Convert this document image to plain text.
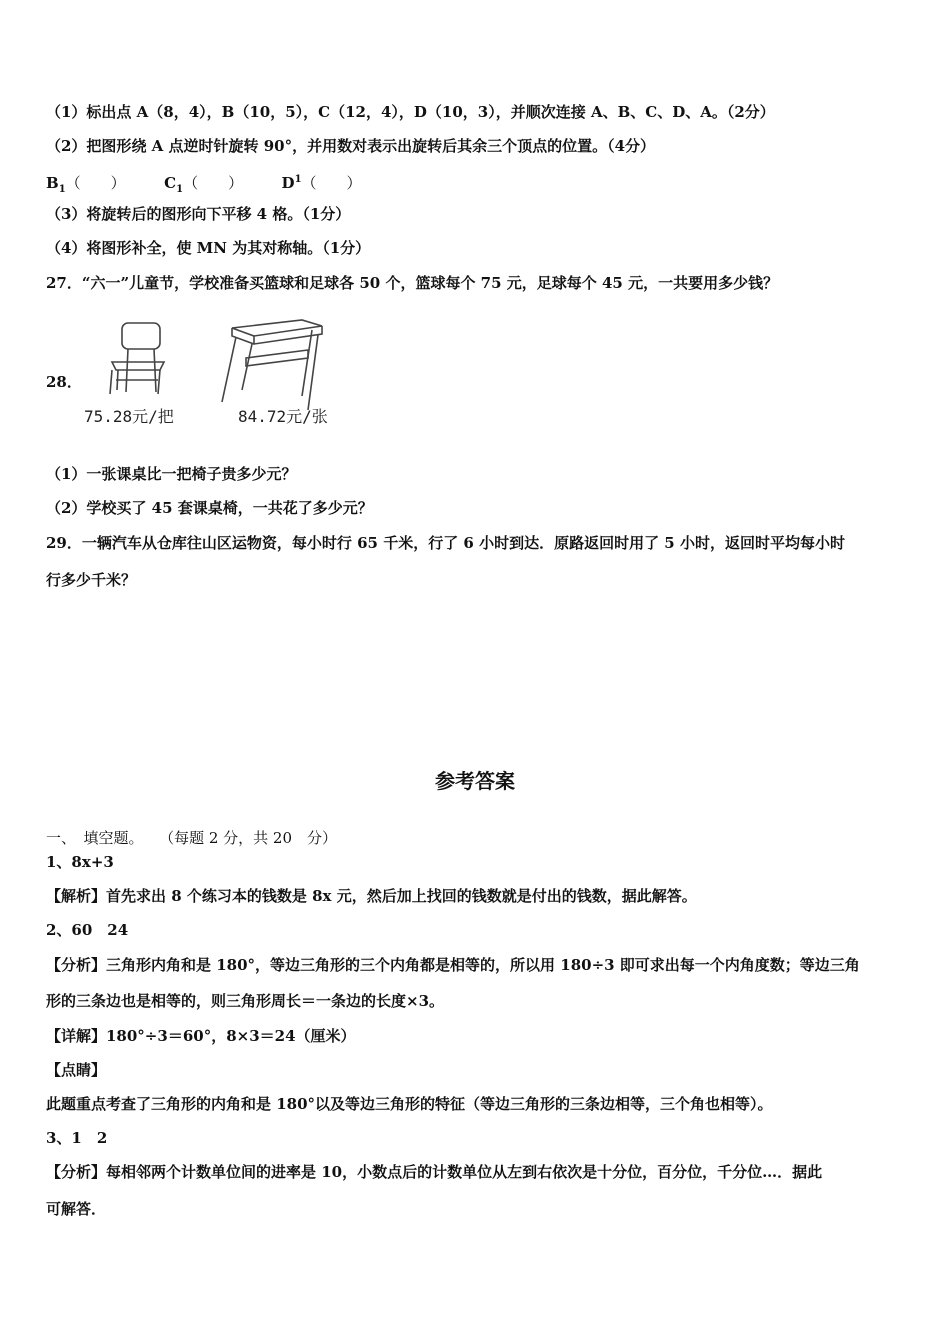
（1）标出点 A（8，4），B（10，5），C（12，4），D（10，3），并顺次连接 A、B、C、D、A。（2分）
（2）把图形绕 A 点逆时针旋转 90°，并用数对表示出旋转后其余三个顶点的位置。（4分）
$B_1$（　　）	$C_1$（　　）	$D^1$（　　）
（3）将旋转后的图形向下平移 4 格。（1分）
（4）将图形补全，使 MN 为其对称轴。（1分）
27．“六一”儿童节，学校准备买篮球和足球各 50 个，篮球每个 75 元，足球每个 45 元，一共要用多少钱？
28．
75.28元/把	84.72元/张
（1）一张课桌比一把椅子贵多少元？
（2）学校买了 45 套课桌椅，一共花了多少元？
29．一辆汽车从仓库往山区运物资，每小时行 65 千米，行了 6 小时到达．原路返回时用了 5 小时，返回时平均每小时
行多少千米？
参考答案
一、　填空题。 （每题 2 分，共 20　分）
1、8x+3
【解析】首先求出 8 个练习本的钱数是 8x 元，然后加上找回的钱数就是付出的钱数，据此解答。
2、60　24
【分析】三角形内角和是 180°，等边三角形的三个内角都是相等的，所以用 180÷3 即可求出每一个内角度数；等边三角
形的三条边也是相等的，则三角形周长＝一条边的长度×3。
【详解】180°÷3＝60°，8×3＝24（厘米）
【点睛】
此题重点考查了三角形的内角和是 180°以及等边三角形的特征（等边三角形的三条边相等，三个角也相等）。
3、1　2
【分析】每相邻两个计数单位间的进率是 10，小数点后的计数单位从左到右依次是十分位，百分位，千分位…．据此
可解答．
